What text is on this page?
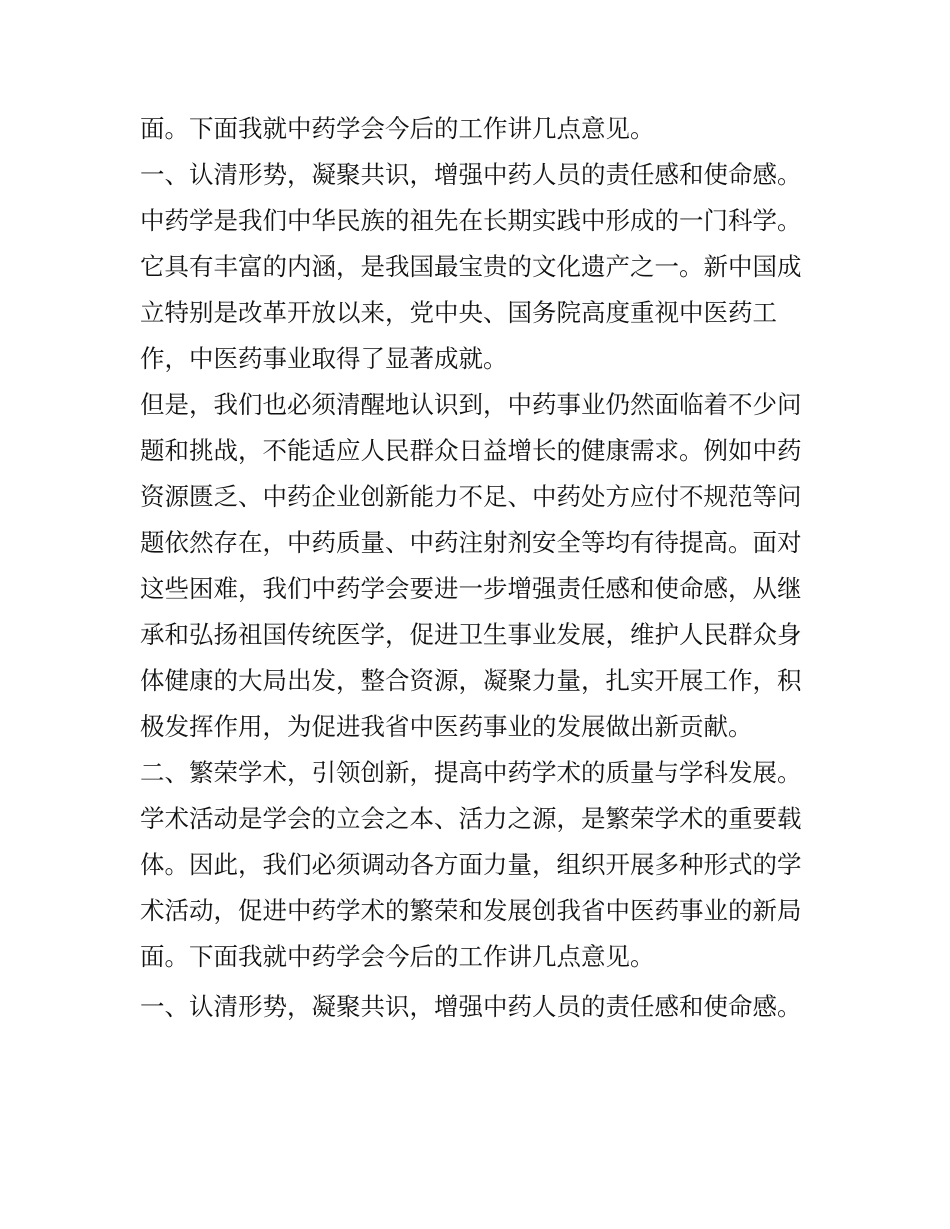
面。下面我就中药学会今后的工作讲几点意见。
一、认清形势，凝聚共识，增强中药人员的责任感和使命感。
中药学是我们中华民族的祖先在长期实践中形成的一门科学。
它具有丰富的内涵，是我国最宝贵的文化遗产之一。新中国成
立特别是改革开放以来，党中央、国务院高度重视中医药工
作，中医药事业取得了显著成就。
但是，我们也必须清醒地认识到，中药事业仍然面临着不少问
题和挑战，不能适应人民群众日益增长的健康需求。例如中药
资源匮乏、中药企业创新能力不足、中药处方应付不规范等问
题依然存在，中药质量、中药注射剂安全等均有待提高。面对
这些困难，我们中药学会要进一步增强责任感和使命感，从继
承和弘扬祖国传统医学，促进卫生事业发展，维护人民群众身
体健康的大局出发，整合资源，凝聚力量，扎实开展工作，积
极发挥作用，为促进我省中医药事业的发展做出新贡献。
二、繁荣学术，引领创新，提高中药学术的质量与学科发展。
学术活动是学会的立会之本、活力之源，是繁荣学术的重要载
体。因此，我们必须调动各方面力量，组织开展多种形式的学
术活动，促进中药学术的繁荣和发展创我省中医药事业的新局
面。下面我就中药学会今后的工作讲几点意见。
一、认清形势，凝聚共识，增强中药人员的责任感和使命感。
